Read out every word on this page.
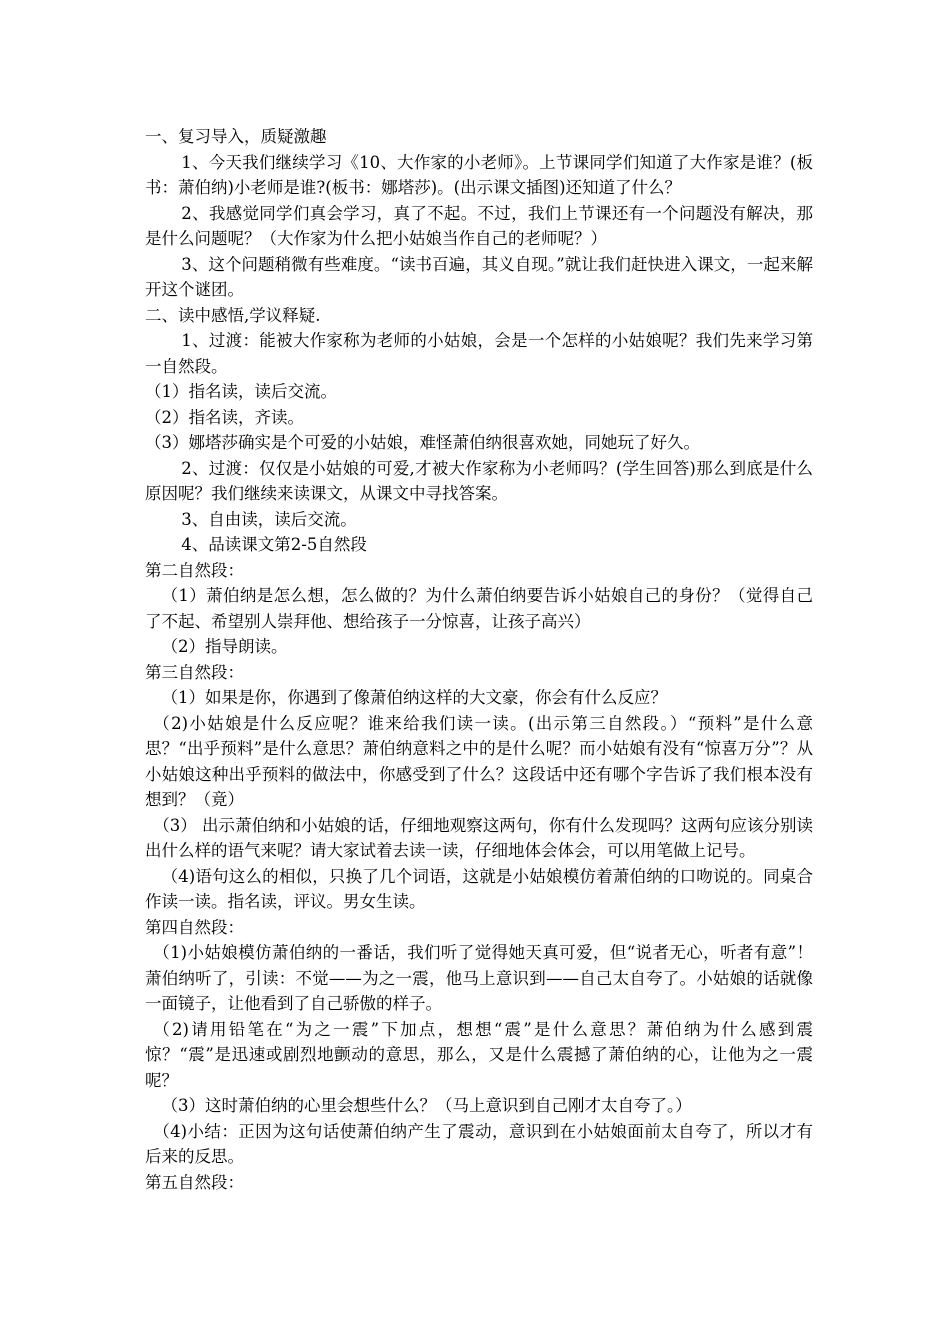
一、复习导入，质疑激趣

1、今天我们继续学习《10、大作家的小老师》。上节课同学们知道了大作家是谁？(板书：萧伯纳)小老师是谁?(板书：娜塔莎)。(出示课文插图)还知道了什么？

2、我感觉同学们真会学习，真了不起。不过，我们上节课还有一个问题没有解决，那是什么问题呢？（大作家为什么把小姑娘当作自己的老师呢？）

3、这个问题稍微有些难度。“读书百遍，其义自现。”就让我们赶快进入课文，一起来解开这个谜团。

二、读中感悟,学议释疑.

1、过渡：能被大作家称为老师的小姑娘，会是一个怎样的小姑娘呢？我们先来学习第一自然段。

（1）指名读，读后交流。

（2）指名读，齐读。

（3）娜塔莎确实是个可爱的小姑娘，难怪萧伯纳很喜欢她，同她玩了好久。

2、过渡：仅仅是小姑娘的可爱,才被大作家称为小老师吗？(学生回答)那么到底是什么原因呢？我们继续来读课文，从课文中寻找答案。

3、自由读，读后交流。

4、品读课文第2-5自然段

第二自然段：

（1）萧伯纳是怎么想，怎么做的？为什么萧伯纳要告诉小姑娘自己的身份？（觉得自己了不起、希望别人崇拜他、想给孩子一分惊喜，让孩子高兴）

（2）指导朗读。

第三自然段：

（1）如果是你，你遇到了像萧伯纳这样的大文豪，你会有什么反应？

（2)小姑娘是什么反应呢？谁来给我们读一读。(出示第三自然段。）“预料”是什么意思？“出乎预料”是什么意思？萧伯纳意料之中的是什么呢？而小姑娘有没有“惊喜万分”？从小姑娘这种出乎预料的做法中，你感受到了什么？这段话中还有哪个字告诉了我们根本没有想到？（竟）

（3） 出示萧伯纳和小姑娘的话，仔细地观察这两句，你有什么发现吗？这两句应该分别读出什么样的语气来呢？请大家试着去读一读，仔细地体会体会，可以用笔做上记号。

（4)语句这么的相似，只换了几个词语，这就是小姑娘模仿着萧伯纳的口吻说的。同桌合作读一读。指名读，评议。男女生读。

第四自然段：

（1)小姑娘模仿萧伯纳的一番话，我们听了觉得她天真可爱，但“说者无心，听者有意”！萧伯纳听了，引读：不觉——为之一震，他马上意识到——自己太自夸了。小姑娘的话就像一面镜子，让他看到了自己骄傲的样子。

（2)请用铅笔在“为之一震”下加点，想想“震”是什么意思？萧伯纳为什么感到震惊？“震”是迅速或剧烈地颤动的意思，那么，又是什么震撼了萧伯纳的心，让他为之一震呢？

（3）这时萧伯纳的心里会想些什么？（马上意识到自己刚才太自夸了。）

（4)小结：正因为这句话使萧伯纳产生了震动，意识到在小姑娘面前太自夸了，所以才有后来的反思。

第五自然段：
